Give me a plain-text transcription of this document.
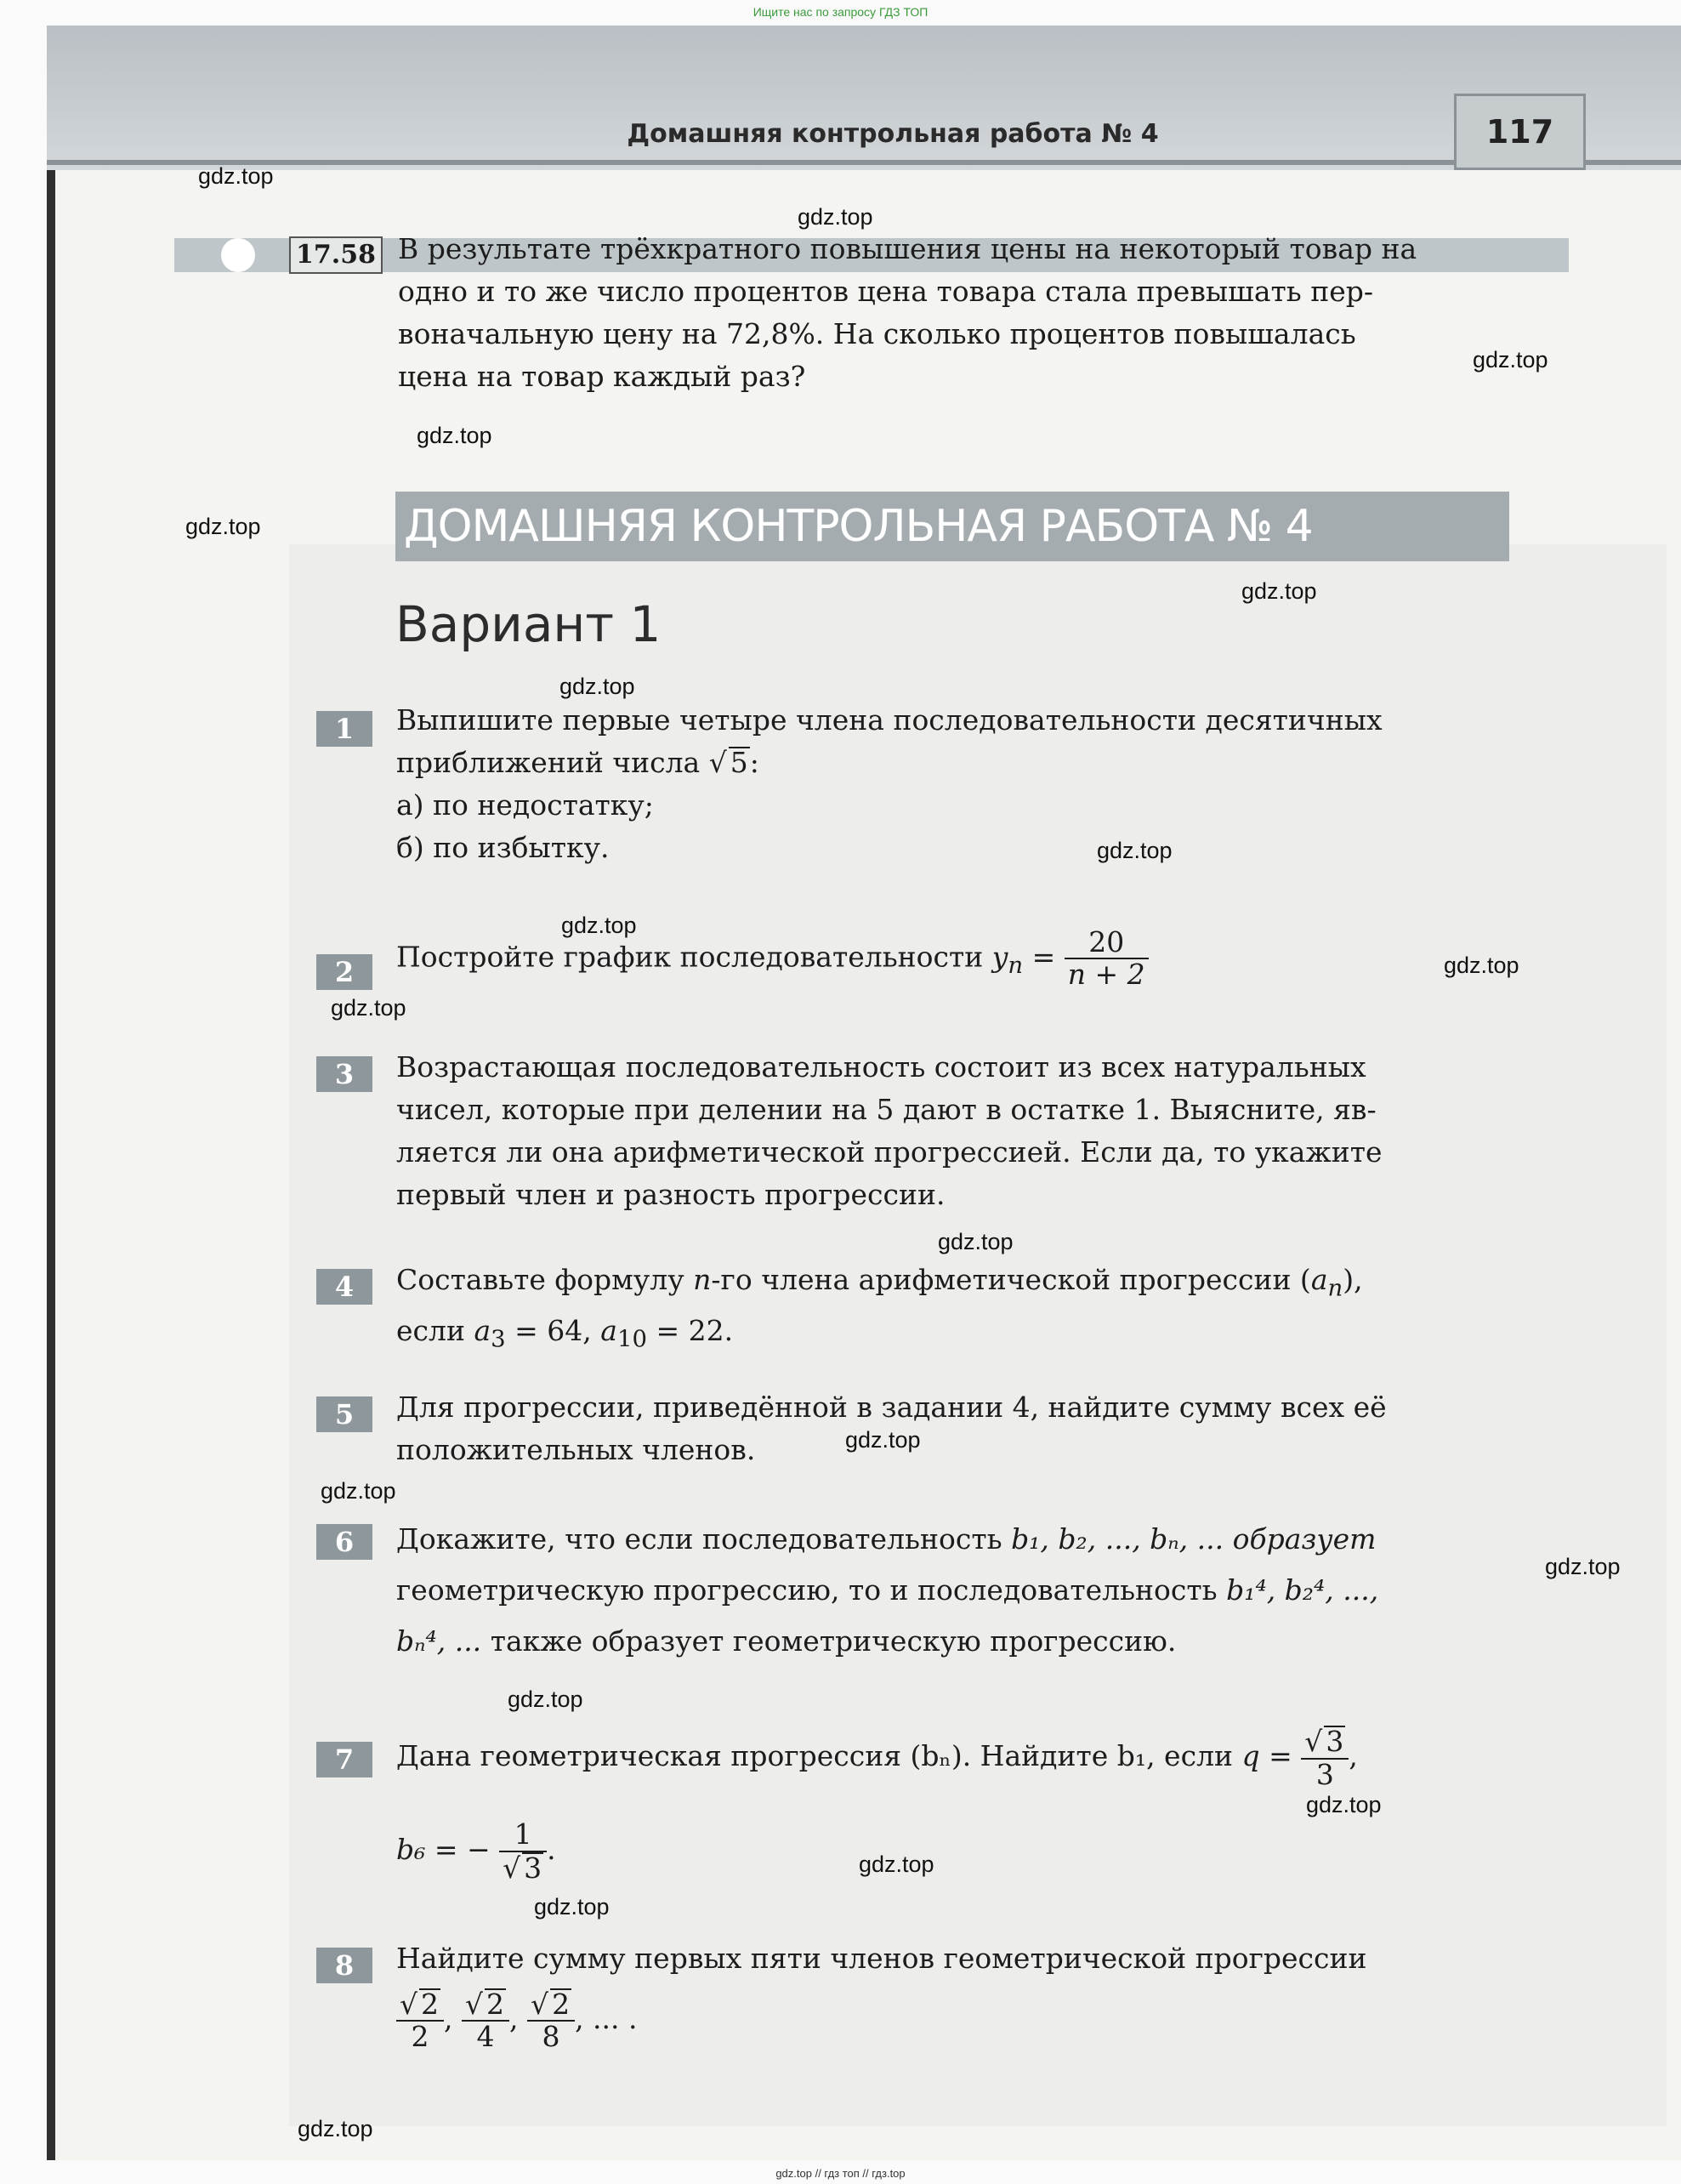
Ищите нас по запросу ГДЗ ТОП
Домашняя контрольная работа № 4	117
17.58 В результате трёхкратного повышения цены на некоторый товар на
одно и то же число процентов цена товара стала превышать пер-
воначальную цену на 72,8%. На сколько процентов повышалась
цена на товар каждый раз?
ДОМАШНЯЯ КОНТРОЛЬНАЯ РАБОТА № 4
Вариант 1
1	Выпишите первые четыре члена последовательности десятичных
приближений числа √ 5:
а) по недостатку;
б) по избытку.
2	Постройте график последовательности $y_n = \frac{20}{n + 2}$
3	Возрастающая последовательность состоит из всех натуральных
чисел, которые при делении на 5 дают в остатке 1. Выясните, яв-
ляется ли она арифметической прогрессией. Если да, то укажите
первый член и разность прогрессии.
4	Составьте формулу n-го члена арифметической прогрессии $(a_n)$,
если $a_3 = 64$, $a_{10} = 22$.
5	Для прогрессии, приведённой в задании 4, найдите сумму всех её
положительных членов.
6	Докажите, что если последовательность b₁, b₂, ..., bₙ, ... образует
геометрическую прогрессию, то и последовательность b₁⁴, b₂⁴, ...,
bₙ⁴, ... также образует геометрическую прогрессию.
7	Дана геометрическая прогрессия (bₙ). Найдите b₁, если $q = \frac{√ 3}{3}$ ,
b₆ = − $\frac{1}{√ 3}$ .
8	Найдите сумму первых пяти членов геометрической прогрессии
$\frac{√ 2}{2}$ , $\frac{√ 2}{4}$ , $\frac{√ 2}{8}$ , ... .
gdz.top
gdz.top
gdz.top
gdz.top
gdz.top
gdz.top
gdz.top
gdz.top
gdz.top
gdz.top
gdz.top
gdz.top
gdz.top
gdz.top
gdz.top
gdz.top
gdz.top
gdz.top
gdz.top
gdz.top
gdz.top // гдз топ // гдз.top
